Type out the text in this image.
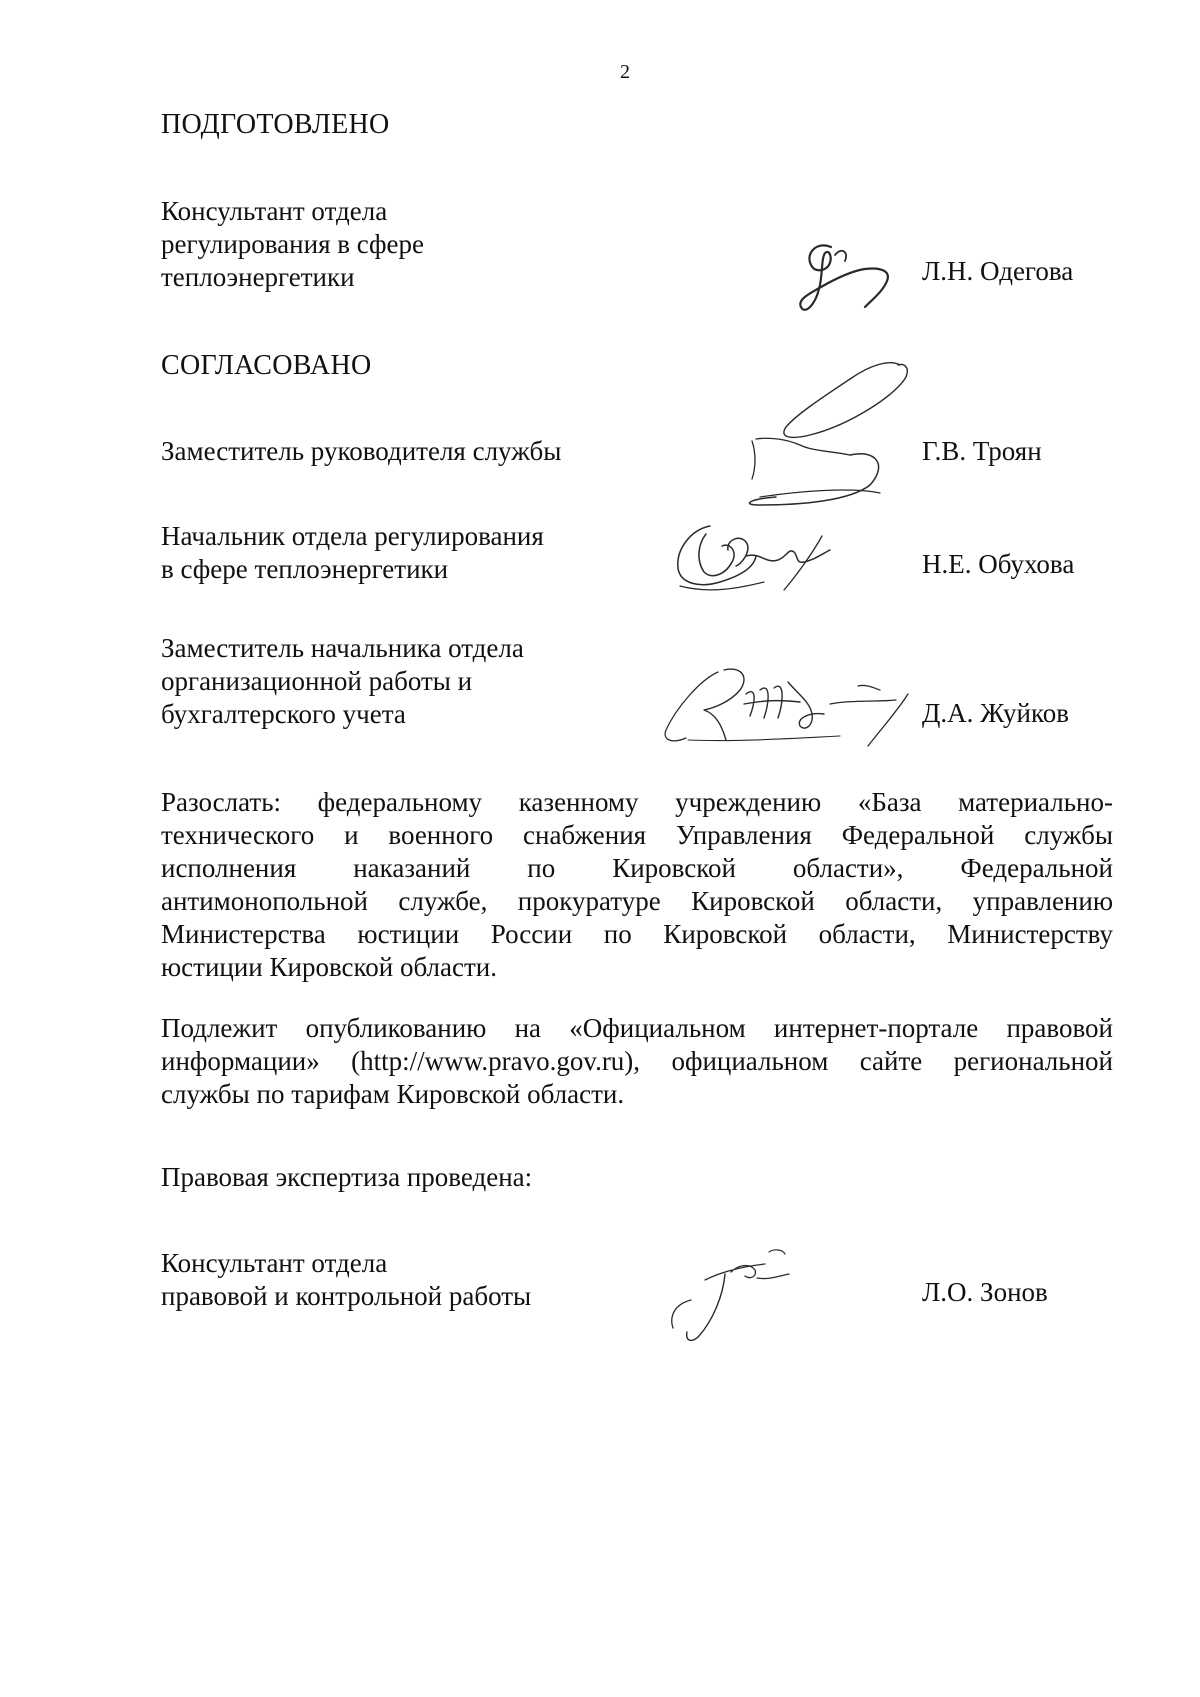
2
ПОДГОТОВЛЕНО
Консультант отдела
регулирования в сфере
теплоэнергетики	Л.Н. Одегова
СОГЛАСОВАНО
Заместитель руководителя службы	Г.В. Троян
Начальник отдела регулирования
в сфере теплоэнергетики	Н.Е. Обухова
Заместитель начальника отдела
организационной работы и
бухгалтерского учета	Д.А. Жуйков
Разослать: федеральному казенному учреждению «База материально-
технического и военного снабжения Управления Федеральной службы
исполнения наказаний по Кировской области», Федеральной
антимонопольной службе, прокуратуре Кировской области, управлению
Министерства юстиции России по Кировской области, Министерству
юстиции Кировской области.
Подлежит опубликованию на «Официальном интернет-портале правовой
информации» (http://www.pravo.gov.ru), официальном сайте региональной
службы по тарифам Кировской области.
Правовая экспертиза проведена:
Консультант отдела
правовой и контрольной работы	Л.О. Зонов
